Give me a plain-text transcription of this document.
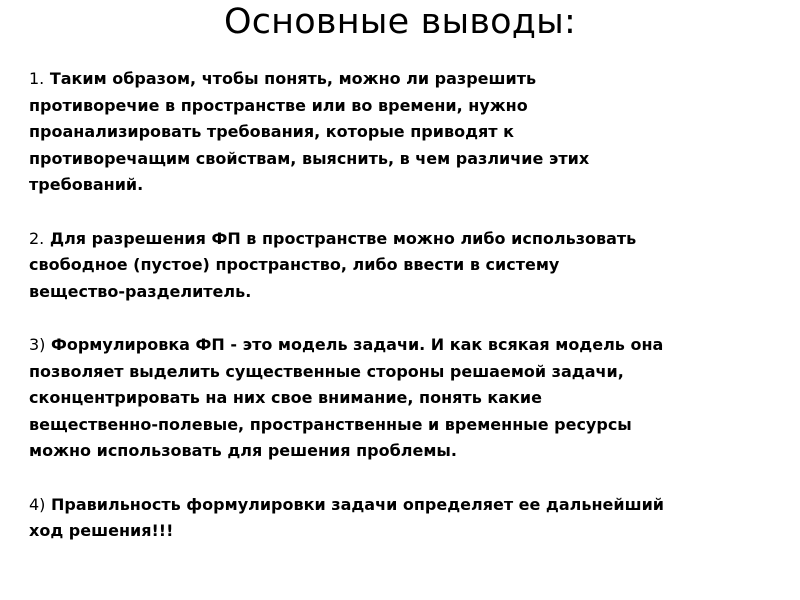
Основные выводы:

1. Таким образом, чтобы понять, можно ли разрешить
противоречие в пространстве или во времени, нужно
проанализировать требования, которые приводят к
противоречащим свойствам, выяснить, в чем различие этих
требований.

2. Для разрешения ФП в пространстве можно либо использовать
свободное (пустое) пространство, либо ввести в систему
вещество-разделитель.

3) Формулировка ФП - это модель задачи. И как всякая модель она
позволяет выделить существенные стороны решаемой задачи,
сконцентрировать на них свое внимание, понять какие
вещественно-полевые, пространственные и временные ресурсы
можно использовать для решения проблемы.

4) Правильность формулировки задачи определяет ее дальнейший
ход решения!!!
